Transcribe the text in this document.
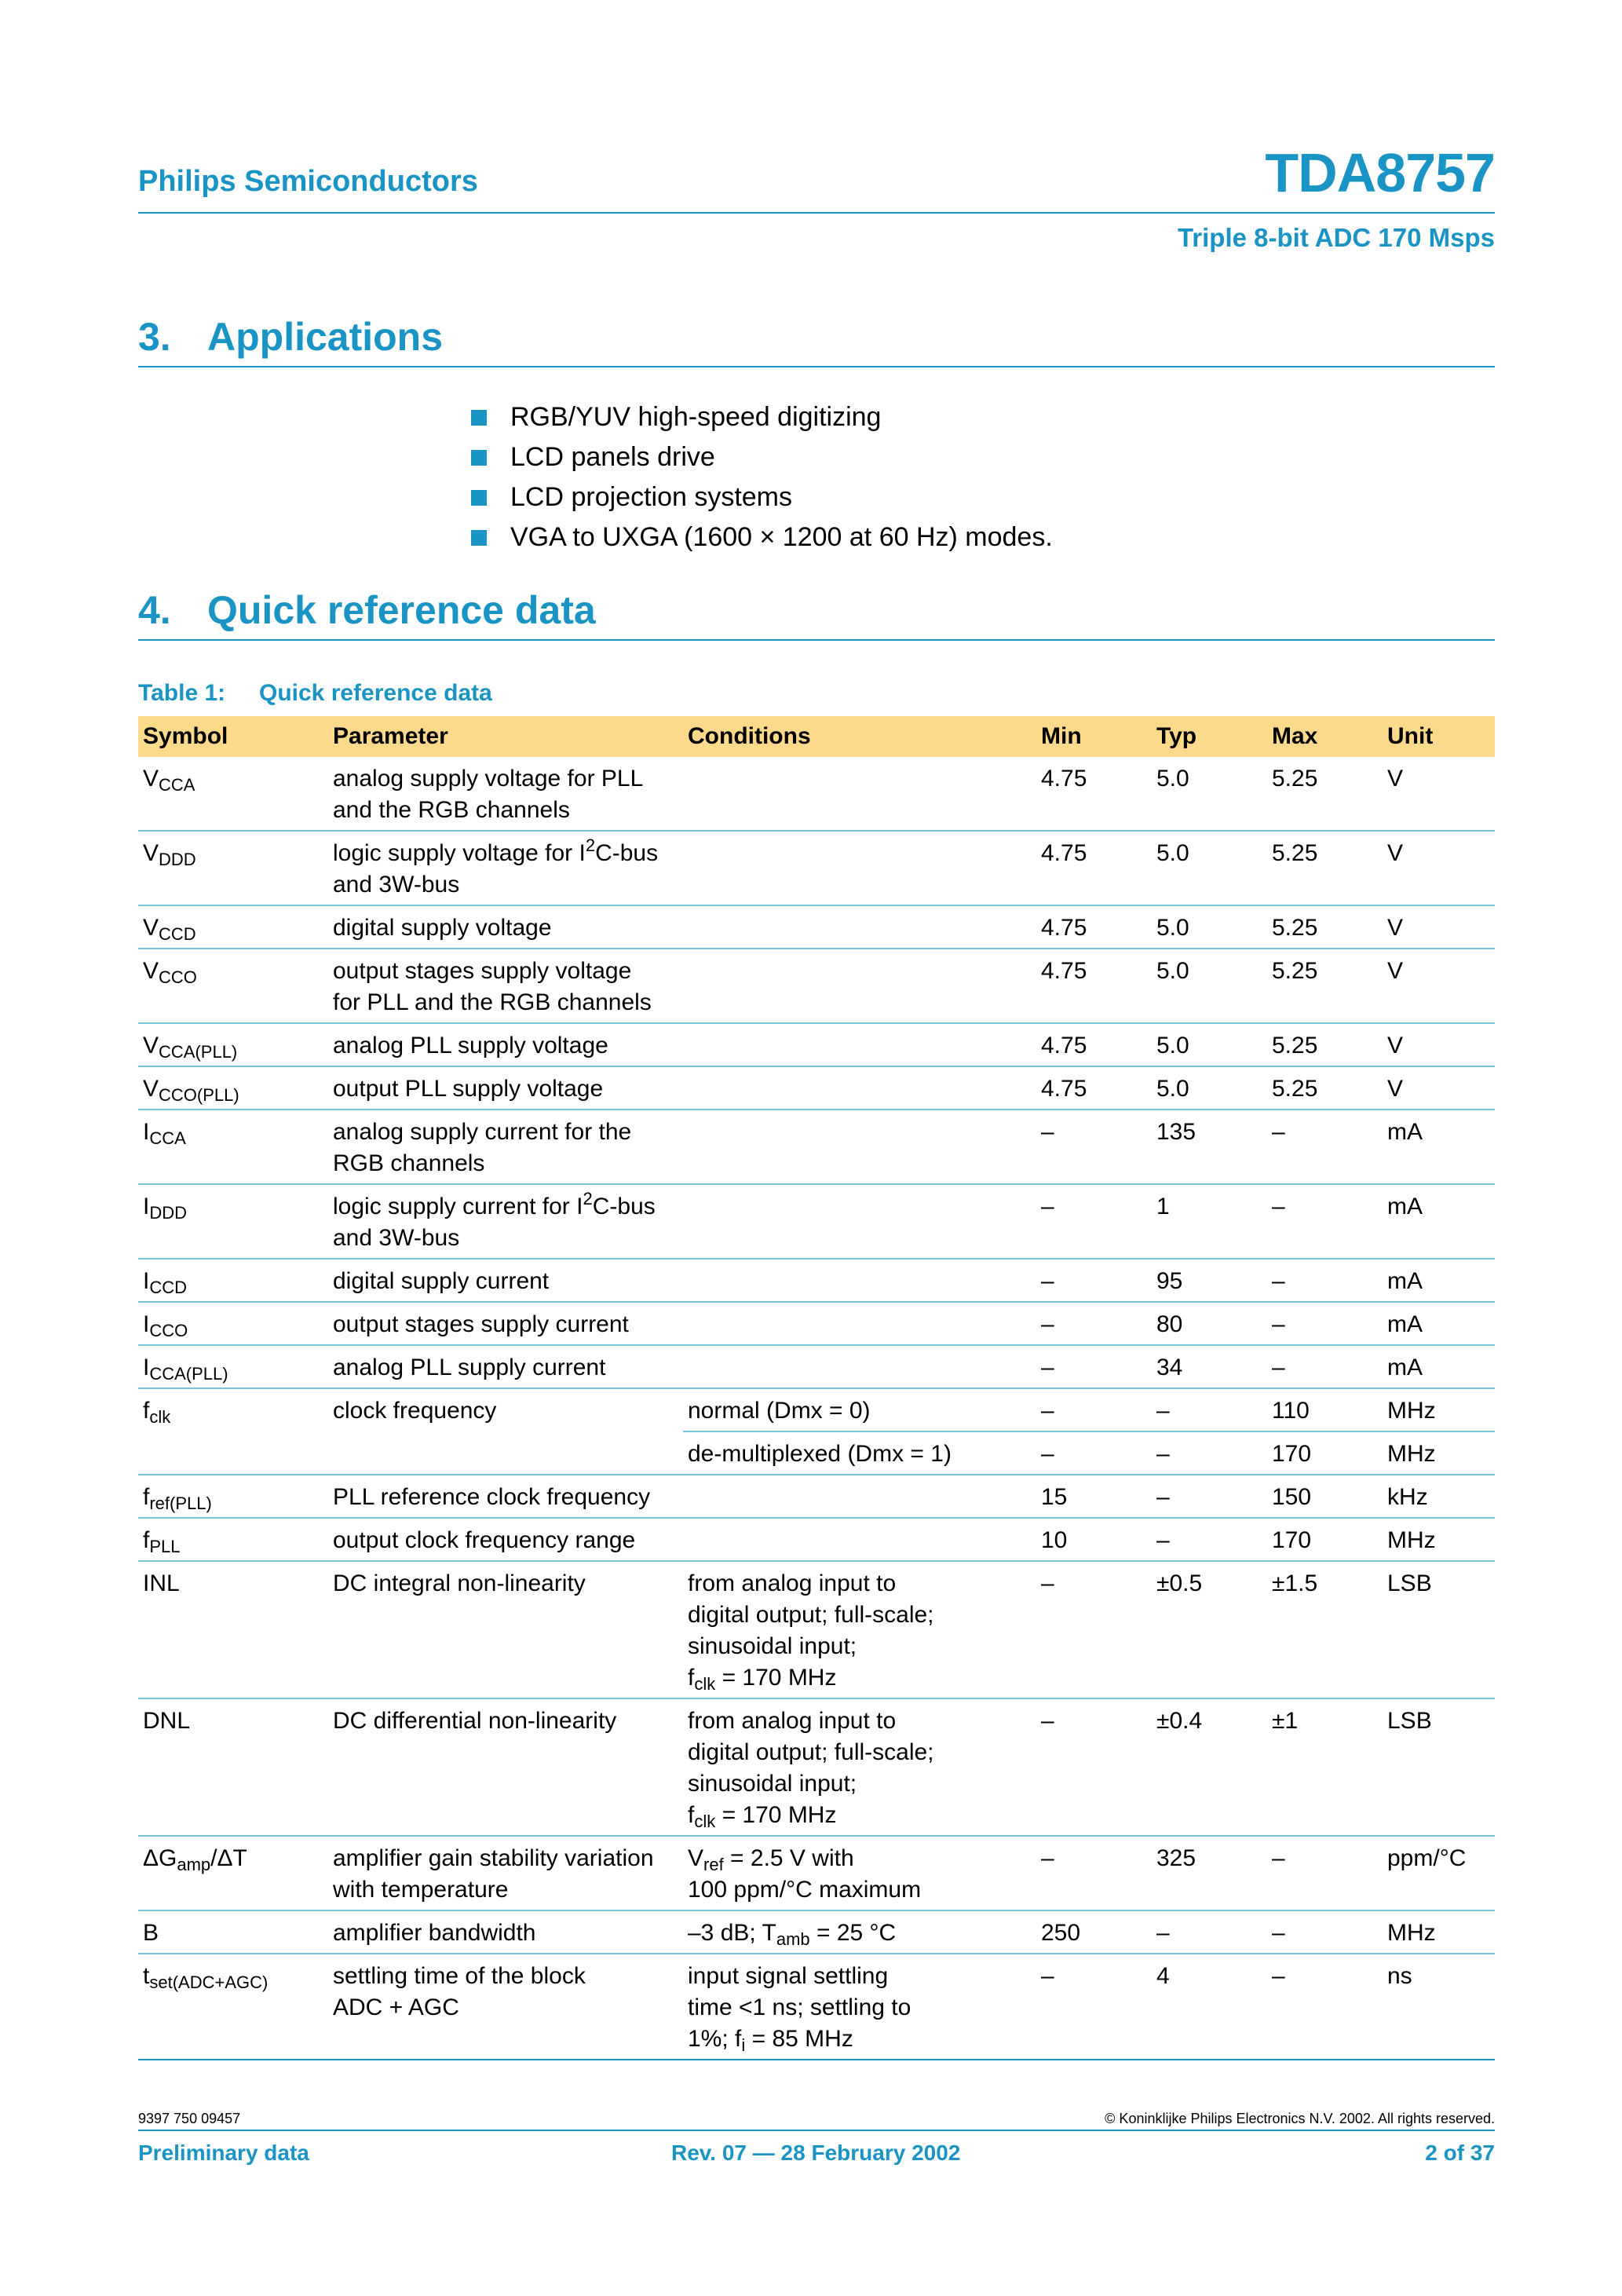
Philips Semiconductors	TDA8757
Triple 8-bit ADC 170 Msps
3. Applications
RGB/YUV high-speed digitizing
LCD panels drive
LCD projection systems
VGA to UXGA (1600 × 1200 at 60 Hz) modes.
4. Quick reference data
Table 1: Quick reference data
Symbol	Parameter	Conditions	Min	Typ	Max	Unit
$V_{CCA}$	analog supply voltage for PLL
and the RGB channels		4.75	5.0	5.25	V
$V_{DDD}$	logic supply voltage for $I^2C$-bus
and 3W-bus		4.75	5.0	5.25	V
$V_{CCD}$	digital supply voltage		4.75	5.0	5.25	V
$V_{CCO}$	output stages supply voltage
for PLL and the RGB channels		4.75	5.0	5.25	V
$V_{CCA(PLL)}$	analog PLL supply voltage		4.75	5.0	5.25	V
$V_{CCO(PLL)}$	output PLL supply voltage		4.75	5.0	5.25	V
$I_{CCA}$	analog supply current for the
RGB channels		–	135	–	mA
$I_{DDD}$	logic supply current for $I^2C$-bus
and 3W-bus		–	1	–	mA
$I_{CCD}$	digital supply current		–	95	–	mA
$I_{CCO}$	output stages supply current		–	80	–	mA
$I_{CCA(PLL)}$	analog PLL supply current		–	34	–	mA
$f_{clk}$	clock frequency	normal (Dmx = 0)	–	–	110	MHz
		de-multiplexed (Dmx = 1)	–	–	170	MHz
$f_{ref(PLL)}$	PLL reference clock frequency		15	–	150	kHz
$f_{PLL}$	output clock frequency range		10	–	170	MHz
INL	DC integral non-linearity	from analog input to
digital output; full-scale;
sinusoidal input;
$f_{clk} = 170$ MHz	–	±0.5	±1.5	LSB
DNL	DC differential non-linearity	from analog input to
digital output; full-scale;
sinusoidal input;
$f_{clk} = 170$ MHz	–	±0.4	±1	LSB
$\Delta G_{amp}/\Delta T$	amplifier gain stability variation
with temperature	$V_{ref} = 2.5$ V with
100 ppm/°C maximum	–	325	–	ppm/°C
B	amplifier bandwidth	–3 dB; $T_{amb} = 25$ °C	250	–	–	MHz
$t_{set(ADC+AGC)}$	settling time of the block
ADC + AGC	input signal settling
time <1 ns; settling to
1%; $f_i = 85$ MHz	–	4	–	ns
9397 750 09457	© Koninklijke Philips Electronics N.V. 2002. All rights reserved.
Preliminary data	Rev. 07 — 28 February 2002	2 of 37
